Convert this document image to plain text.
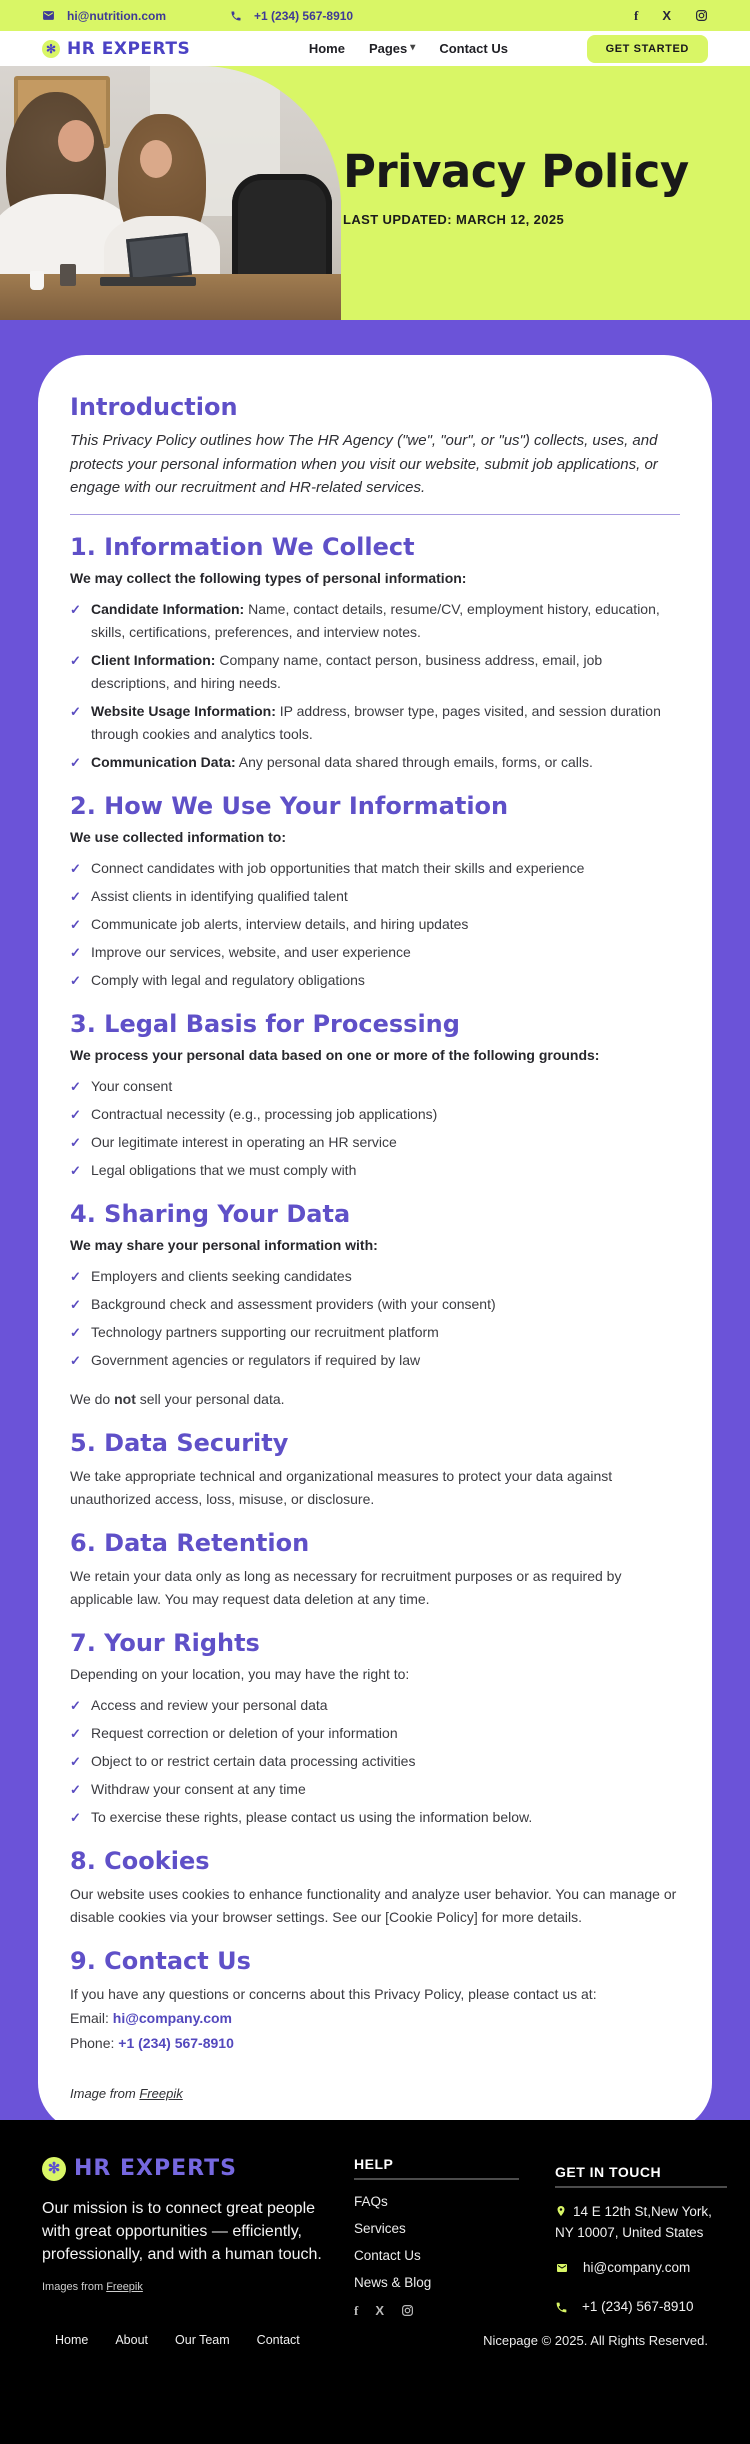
hi@nutrition.com	+1 (234) 567-8910	f X
✻ HR EXPERTS	Home Pages ▾ Contact Us	GET STARTED
Privacy Policy
LAST UPDATED: MARCH 12, 2025
Introduction

This Privacy Policy outlines how The HR Agency ("we", "our", or "us") collects, uses, and protects your personal information when you visit our website, submit job applications, or engage with our recruitment and HR-related services.

1. Information We Collect

We may collect the following types of personal information:

✓ Candidate Information: Name, contact details, resume/CV, employment history, education, skills, certifications, preferences, and interview notes.
✓ Client Information: Company name, contact person, business address, email, job descriptions, and hiring needs.
✓ Website Usage Information: IP address, browser type, pages visited, and session duration through cookies and analytics tools.
✓ Communication Data: Any personal data shared through emails, forms, or calls.
2. How We Use Your Information

We use collected information to:

✓ Connect candidates with job opportunities that match their skills and experience
✓ Assist clients in identifying qualified talent
✓ Communicate job alerts, interview details, and hiring updates
✓ Improve our services, website, and user experience
✓ Comply with legal and regulatory obligations
3. Legal Basis for Processing

We process your personal data based on one or more of the following grounds:

✓ Your consent
✓ Contractual necessity (e.g., processing job applications)
✓ Our legitimate interest in operating an HR service
✓ Legal obligations that we must comply with
4. Sharing Your Data

We may share your personal information with:

✓ Employers and clients seeking candidates
✓ Background check and assessment providers (with your consent)
✓ Technology partners supporting our recruitment platform
✓ Government agencies or regulators if required by law

We do not sell your personal data.

5. Data Security

We take appropriate technical and organizational measures to protect your data against unauthorized access, loss, misuse, or disclosure.

6. Data Retention

We retain your data only as long as necessary for recruitment purposes or as required by applicable law. You may request data deletion at any time.

7. Your Rights

Depending on your location, you may have the right to:

✓ Access and review your personal data
✓ Request correction or deletion of your information
✓ Object to or restrict certain data processing activities
✓ Withdraw your consent at any time
✓ To exercise these rights, please contact us using the information below.
8. Cookies

Our website uses cookies to enhance functionality and analyze user behavior. You can manage or disable cookies via your browser settings. See our [Cookie Policy] for more details.

9. Contact Us

If you have any questions or concerns about this Privacy Policy, please contact us at:

Email: hi@company.com

Phone: +1 (234) 567-8910

Image from Freepik

✻ HR EXPERTS

Our mission is to connect great people with great opportunities — efficiently, professionally, and with a human touch.

Images from Freepik

HELP
FAQs
Services
Contact Us
News & Blog
f X
GET IN TOUCH

14 E 12th St,New York,
NY 10007, United States

hi@company.com
+1 (234) 567-8910
Home About Our Team Contact	Nicepage © 2025. All Rights Reserved.
